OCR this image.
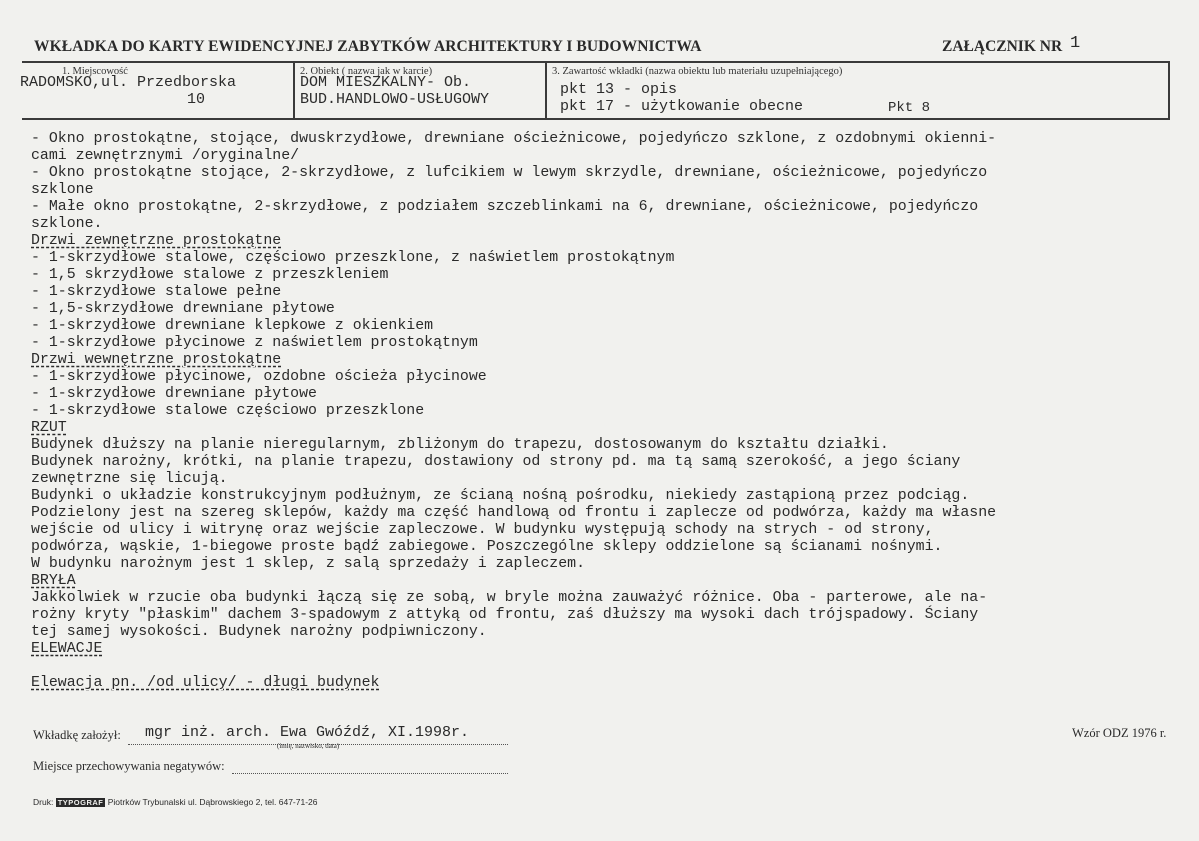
WKŁADKA DO KARTY EWIDENCYJNEJ ZABYTKÓW ARCHITEKTURY I BUDOWNICTWA	ZAŁĄCZNIK NR 1
1. Miejscowość
RADOMSKO,ul. Przedborska
10
2. Obiekt ( nazwa jak w karcie)
DOM MIESZKALNY- Ob.
BUD.HANDLOWO-USŁUGOWY
3. Zawartość wkładki (nazwa obiektu lub materiału uzupełniającego)
pkt 13 - opis
pkt 17 - użytkowanie obecne	Pkt 8
- Okno prostokątne, stojące, dwuskrzydłowe, drewniane ościeżnicowe, pojedyńczo szklone, z ozdobnymi okienni-
cami zewnętrznymi /oryginalne/
- Okno prostokątne stojące, 2-skrzydłowe, z lufcikiem w lewym skrzydle, drewniane, ościeżnicowe, pojedyńczo
szklone
- Małe okno prostokątne, 2-skrzydłowe, z podziałem szczeblinkami na 6, drewniane, ościeżnicowe, pojedyńczo
szklone.
Drzwi zewnętrzne prostokątne
- 1-skrzydłowe stalowe, częściowo przeszklone, z naświetlem prostokątnym
- 1,5 skrzydłowe stalowe z przeszkleniem
- 1-skrzydłowe stalowe pełne
- 1,5-skrzydłowe drewniane płytowe
- 1-skrzydłowe drewniane klepkowe z okienkiem
- 1-skrzydłowe płycinowe z naświetlem prostokątnym
Drzwi wewnętrzne prostokątne
- 1-skrzydłowe płycinowe, ozdobne ościeża płycinowe
- 1-skrzydłowe drewniane płytowe
- 1-skrzydłowe stalowe częściowo przeszklone
RZUT
Budynek dłuższy na planie nieregularnym, zbliżonym do trapezu, dostosowanym do kształtu działki.
Budynek narożny, krótki, na planie trapezu, dostawiony od strony pd. ma tą samą szerokość, a jego ściany
zewnętrzne się licują.
Budynki o układzie konstrukcyjnym podłużnym, ze ścianą nośną pośrodku, niekiedy zastąpioną przez podciąg.
Podzielony jest na szereg sklepów, każdy ma część handlową od frontu i zaplecze od podwórza, każdy ma własne
wejście od ulicy i witrynę oraz wejście zapleczowe. W budynku występują schody na strych - od strony,
podwórza, wąskie, 1-biegowe proste bądź zabiegowe. Poszczególne sklepy oddzielone są ścianami nośnymi.
W budynku narożnym jest 1 sklep, z salą sprzedaży i zapleczem.
BRYŁA
Jakkolwiek w rzucie oba budynki łączą się ze sobą, w bryle można zauważyć różnice. Oba - parterowe, ale na-
rożny kryty "płaskim" dachem 3-spadowym z attyką od frontu, zaś dłuższy ma wysoki dach trójspadowy. Ściany
tej samej wysokości. Budynek narożny podpiwniczony.
ELEWACJE
Elewacja pn. /od ulicy/ - długi budynek
Wkładkę założył: mgr inż. arch. Ewa Gwóźdź, XI.1998r.
(imię, nazwisko, data)
Wzór ODZ 1976 r.
Miejsce przechowywania negatywów:
Druk: TYPOGRAF Piotrków Trybunalski ul. Dąbrowskiego 2, tel. 647-71-26
